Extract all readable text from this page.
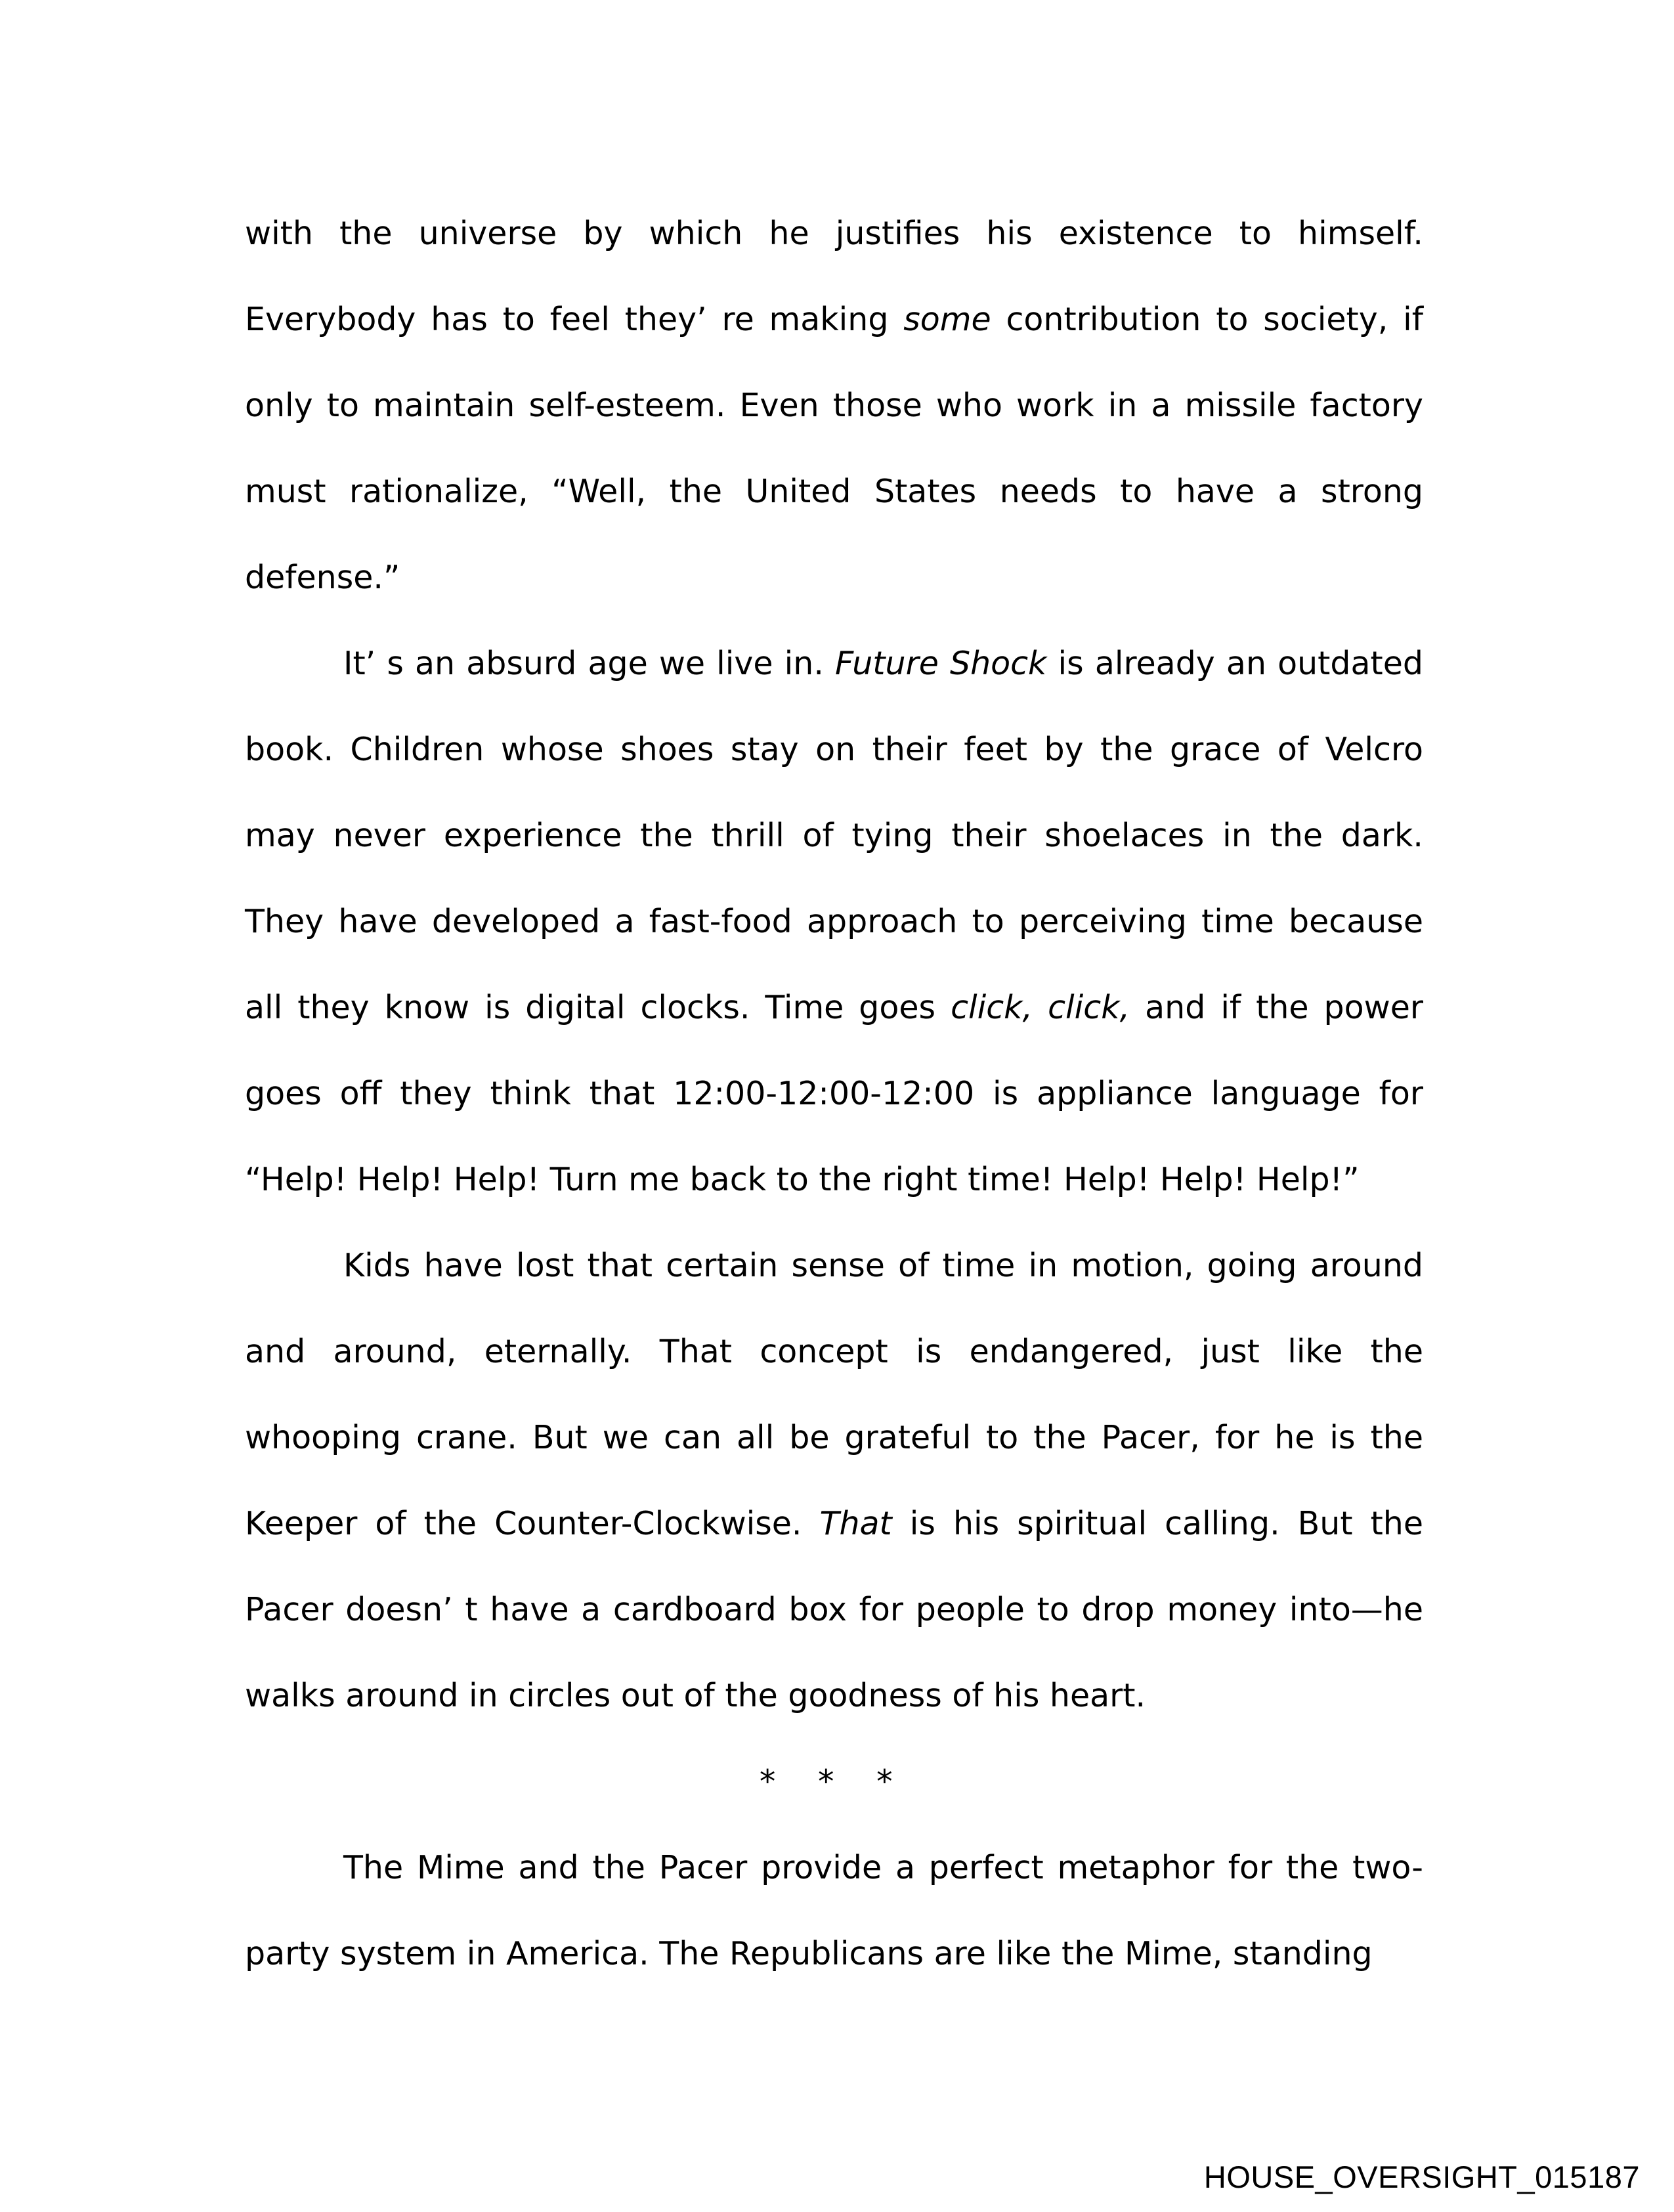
with the universe by which he justifies his existence to himself. Everybody has to feel they’ re making some contribution to society, if only to maintain self-esteem. Even those who work in a missile factory must rationalize, “Well, the United States needs to have a strong defense.”

It’ s an absurd age we live in. Future Shock is already an outdated book. Children whose shoes stay on their feet by the grace of Velcro may never experience the thrill of tying their shoelaces in the dark. They have developed a fast-food approach to perceiving time because all they know is digital clocks. Time goes click, click, and if the power goes off they think that 12:00-12:00-12:00 is appliance language for “Help! Help! Help! Turn me back to the right time! Help! Help! Help!”

Kids have lost that certain sense of time in motion, going around and around, eternally. That concept is endangered, just like the whooping crane. But we can all be grateful to the Pacer, for he is the Keeper of the Counter-Clockwise. That is his spiritual calling. But the Pacer doesn’ t have a cardboard box for people to drop money into—he walks around in circles out of the goodness of his heart.

* * *

The Mime and the Pacer provide a perfect metaphor for the two-party system in America. The Republicans are like the Mime, standing

HOUSE_OVERSIGHT_015187
